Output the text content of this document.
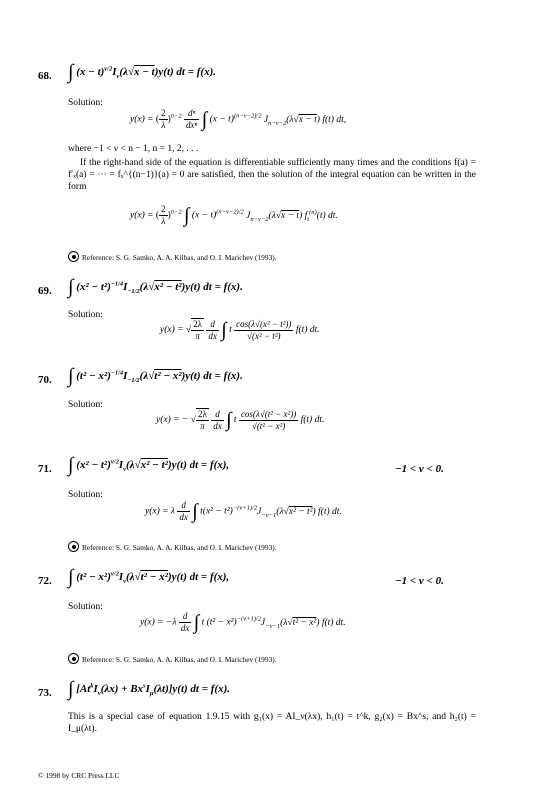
68. ∫ $(x - t)^{\nu/2}I_\nu(\lambda√x - t)y(t)$ dt = f(x).
Solution:
y(x) = ( $\frac{2}{\lambda} )^{n-2} \frac{\text{dⁿ}}{\text{dxⁿ}}$ ∫ $(x - t)^{(n-\nu-2)/2}$ $J_{n-\nu-2}(\lambda√x - t)$ f(t) dt,
where −1 < ν < n − 1, n = 1, 2, . . .
If the right-hand side of the equation is differentiable sufficiently many times and the conditions f(a) = f′ₓ(a) = ··· = fₓ^{(n−1)}(a) = 0 are satisfied, then the solution of the integral equation can be written in the form
y(x) = ( $\frac{2}{\lambda} )^{n-2}$ ∫ $(x - t)^{(n-\nu-2)/2}$ $J_{n-\nu-2}(\lambda√x - t)$ $f_t^{(n)}(t)$ dt.
Reference: S. G. Samko, A. A. Kilbas, and O. I. Marichev (1993).
69. ∫ $(x^2 - t^2)^{-1/4}I_{-1/2}(\lambda√x^2 - t^2)y(t)$ dt = f(x).
Solution:
y(x) = √ $\frac{2\lambda}{\pi}$
$\frac{d}{dx}$ ∫ t $\frac{\text{cos(λ√(x² − t²))}}{\text{√(x² − t²)}} f(t)$ dt.
70. ∫ $(t^2 - x^2)^{-1/4}I_{-1/2}(\lambda√t^2 - x^2)y(t)$ dt = f(x).
Solution:
y(x) = − √ $\frac{2\lambda}{\pi}$
$\frac{d}{dx}$ ∫ t $\frac{\text{cos(λ√(t² − x²))}}{\text{√(t² − x²)}} f(t)$ dt.
71. ∫ $(x^2 - t^2)^{\nu/2}I_\nu(\lambda√x^2 - t^2)y(t)$ dt = f(x),	−1 < ν < 0.
Solution:
y(x) = λ $\frac{d}{dx}$ ∫ $t(x^2 - t^2)^{-(\nu+1)/2}J_{-\nu-1}(\lambda√x^2 - t^2)$ f(t) dt.
Reference: S. G. Samko, A. A. Kilbas, and O. I. Marichev (1993).
72. ∫ $(t^2 - x^2)^{\nu/2}I_\nu(\lambda√t^2 - x^2)y(t)$ dt = f(x),	−1 < ν < 0.
Solution:
$y(x) = -\lambda \frac{d}{dx}$ ∫ t $(t^2 - x^2)^{-(\nu+1)/2}J_{-\nu-1}(\lambda√t^2 - x^2)$ f(t) dt.
Reference: S. G. Samko, A. A. Kilbas, and O. I. Marichev (1993).
73. ∫ $[At^kI_\nu(\lambda x) + Bx^sI_\mu(\lambda t)]y(t)$ dt = f(x).
This is a special case of equation 1.9.15 with g₁(x) = AI_ν(λx), h₁(t) = t^k, g₂(x) = Bx^s, and h₂(t) = I_μ(λt).
© 1998 by CRC Press LLC
